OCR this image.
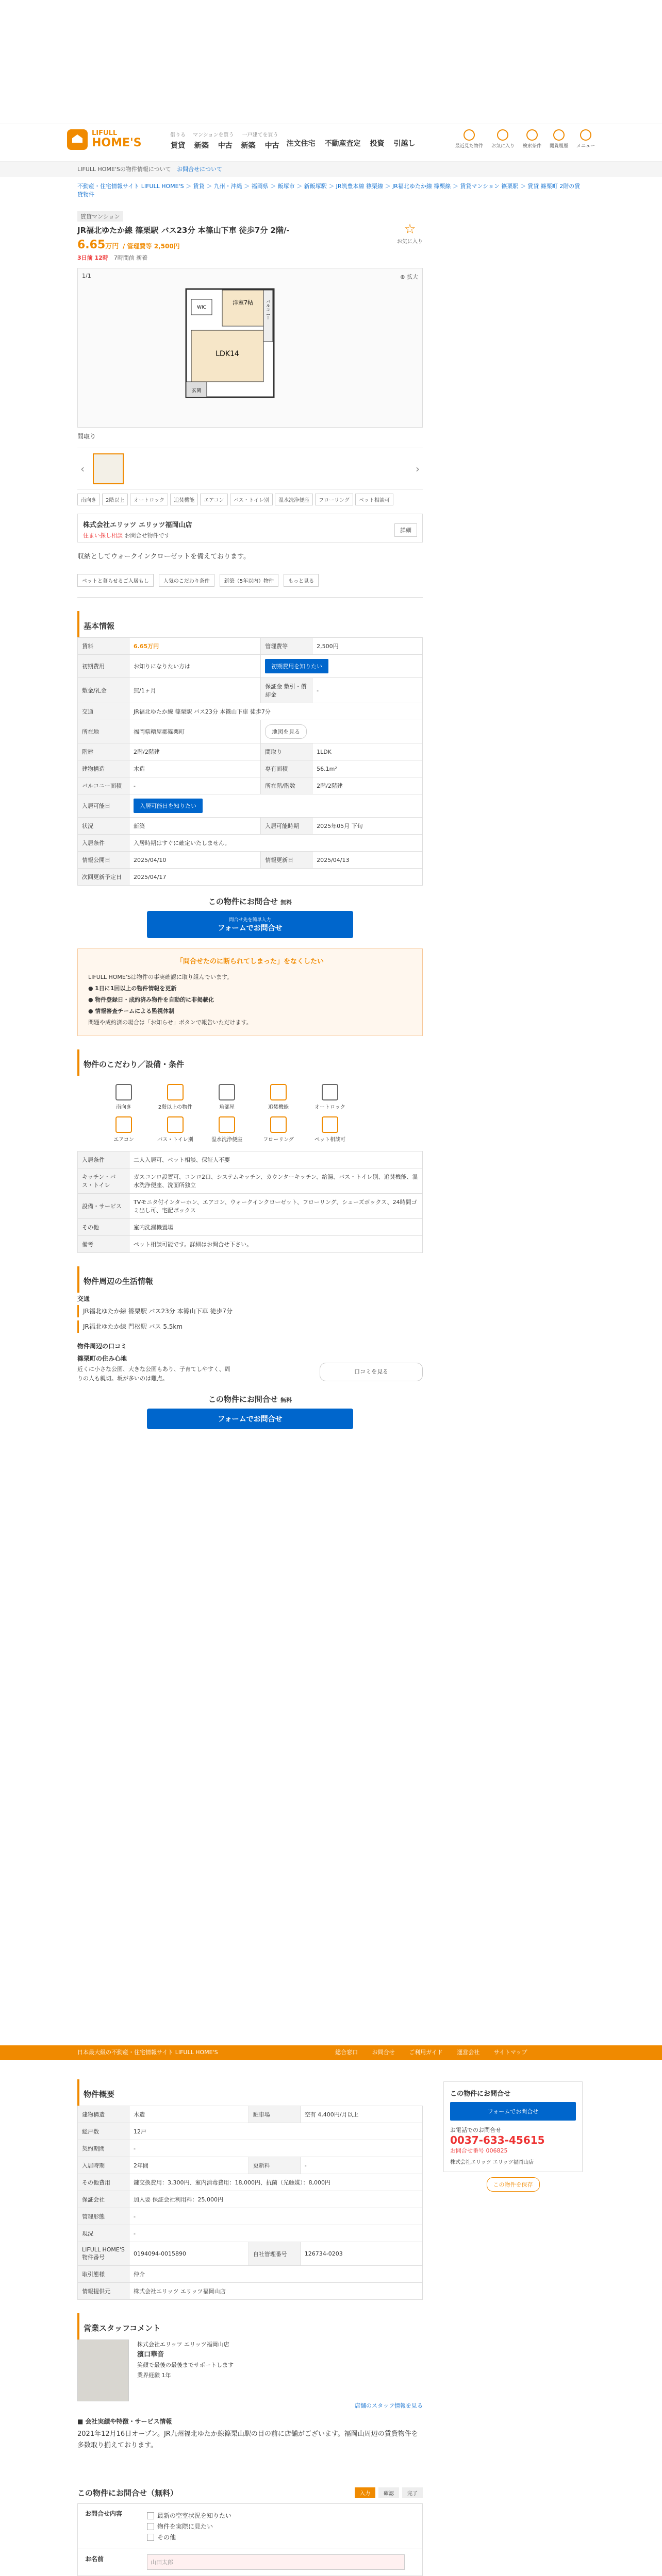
LIFULL
HOME'S
借りる
賃貸
マンションを買う
新築 中古
一戸建てを買う
新築 中古
注文住宅 不動産査定 投資 引越し	最近見た物件 お気に入り 検索条件 閲覧履歴 メニュー
LIFULL HOME'Sの物件情報について お問合せについて
不動産・住宅情報サイト LIFULL HOME'S ＞ 賃貸 ＞ 九州・沖縄 ＞ 福岡県 ＞ 飯塚市 ＞ 新飯塚駅 ＞ JR筑豊本線 篠栗線 ＞ JR福北ゆたか線 篠栗線 ＞ 賃貸マンション 篠栗駅 ＞ 賃貸 篠栗町 2階の賃貸物件
賃貸マンション
JR福北ゆたか線 篠栗駅 バス23分 本篠山下車 徒歩7分 2階/-
6.65万円 / 管理費等 2,500円
3日前 12時　 7時間前 新着
☆
お気に入り
1/1	⊕ 拡大
洋室7帖
WIC	バルコニー
LDK14
玄関
間取り
‹	›
南向き	2階以上	オートロック	追焚機能	エアコン	バス・トイレ別	温水洗浄便座	フローリング	ペット相談可
株式会社エリッツ エリッツ福岡山店
住まい探し相談 お問合せ物件です
詳細
収納としてウォークインクローゼットを備えております。
ペットと暮らせるご入居もし	人気のこだわり条件	新築（5年以内）物件	もっと見る
基本情報
賃料	6.65万円	管理費等	2,500円
初期費用	お知りになりたい方は	初期費用を知りたい	
敷金/礼金	無/1ヶ月	保証金 敷引・償却金	-
交通	JR福北ゆたか線 篠栗駅 バス23分 本篠山下車 徒歩7分		
所在地	福岡県糟屋郡篠栗町	地図を見る	
階建	2階/2階建	間取り	1LDK
建物構造	木造	専有面積	56.1m²
バルコニー面積	-	所在階/階数	2階/2階建
入居可能日	入居可能日を知りたい		
状況	新築	入居可能時期	2025年05月 下旬
入居条件	入居時期はすぐに確定いたしません。		
情報公開日	2025/04/10	情報更新日	2025/04/13
次回更新予定日	2025/04/17		
この物件にお問合せ 無料
問合せ先を簡単入力
フォームでお問合せ
「問合せたのに断られてしまった」をなくしたい
LIFULL HOME'Sは物件の事実確認に取り組んでいます。
● 1日に1回以上の物件情報を更新
● 物件登録日・成約済み物件を自動的に非掲載化
● 情報審査チームによる監視体制
問題や成約済の場合は「お知らせ」ボタンで報告いただけます。
物件のこだわり／設備・条件
南向き	2階以上の物件	角部屋	追焚機能	オートロック
エアコン	バス・トイレ別	温水洗浄便座	フローリング	ペット相談可
入居条件	二人入居可、ペット相談、保証人不要
キッチン・バス・トイレ	ガスコンロ設置可、コンロ2口、システムキッチン、カウンターキッチン、給湯、バス・トイレ別、追焚機能、温水洗浄便座、洗面所独立
設備・サービス	TVモニタ付インターホン、エアコン、ウォークインクローゼット、フローリング、シューズボックス、24時間ゴミ出し可、宅配ボックス
その他	室内洗濯機置場
備考	ペット相談可能です。詳細はお問合せ下さい。
物件周辺の生活情報
交通
JR福北ゆたか線 篠栗駅 バス23分 本篠山下車 徒歩7分
JR福北ゆたか線 門松駅 バス 5.5km
物件周辺の口コミ
篠栗町の住み心地
近くに小さな公園、大きな公園もあり、子育てしやすく、周りの人も親切。坂が多いのは難点。
口コミを見る
この物件にお問合せ 無料
フォームでお問合せ
日本最大級の不動産・住宅情報サイト LIFULL HOME'S	総合窓口	お問合せ	ご利用ガイド	運営会社	サイトマップ
物件概要
建物構造	木造	駐車場	空有 4,400円/月以上
総戸数	12戸		
契約期間	-		
入居時期	2年間	更新料	-
その他費用	鍵交換費用：3,300円、室内消毒費用：18,000円、抗菌（光触媒）：8,000円		
保証会社	加入要 保証会社利用料：25,000円		
管理形態	-		
現況	-		
LIFULL HOME'S 物件番号	0194094-0015890	自社管理番号	126734-0203
取引態様	仲介		
情報提供元	株式会社エリッツ エリッツ福岡山店		
営業スタッフコメント
株式会社エリッツ エリッツ福岡山店
濱口華音
笑顔で最後の最後までサポートします
業界経験 1年
店舗のスタッフ情報を見る
■ 会社実績や特徴・サービス情報
2021年12月16日オープン。JR九州福北ゆたか線篠栗山駅の目の前に店舗がございます。福岡山周辺の賃貸物件を多数取り揃えております。
この物件にお問合せ（無料）	入力	確認	完了
お問合せ内容	最新の空室状況を知りたい
物件を実際に見たい
その他
お名前	山田太郎
この物件にお問合せ
フォームでお問合せ
お電話でのお問合せ
0037-633-45615
お問合せ番号 006825
株式会社エリッツ エリッツ福岡山店
この物件を保存
